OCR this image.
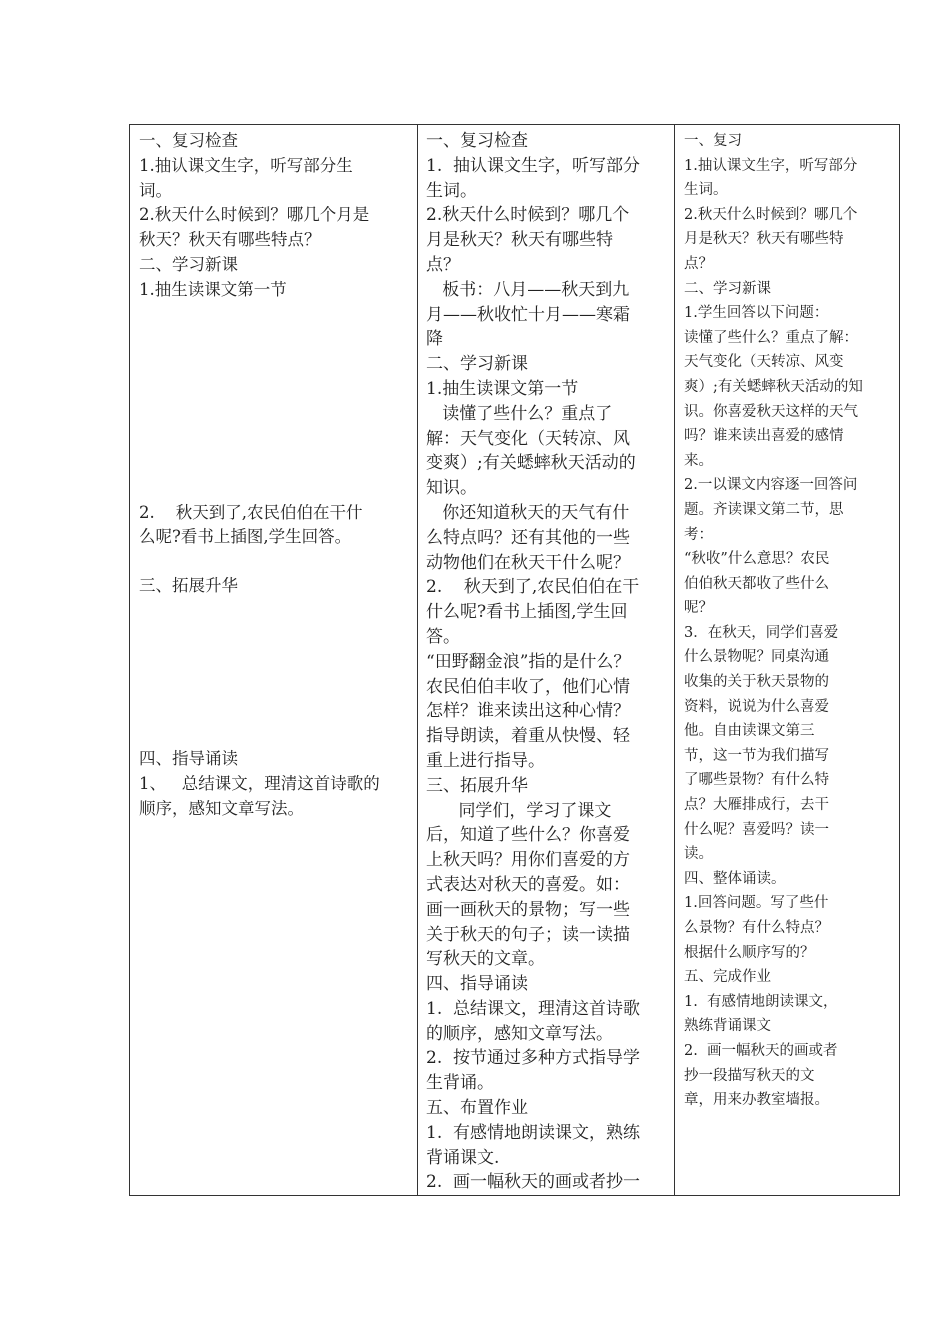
一、复习检查
1.抽认课文生字，听写部分生
词。
2.秋天什么时候到？哪几个月是
秋天？秋天有哪些特点？
二、学习新课
1.抽生读课文第一节
2.    秋天到了,农民伯伯在干什
么呢?看书上插图,学生回答。
三、拓展升华
四、指导诵读
1、   总结课文，理清这首诗歌的
顺序，感知文章写法。
一、复习检查
1.  抽认课文生字，听写部分
生词。
2.秋天什么时候到？哪几个
月是秋天？秋天有哪些特
点？
板书：八月——秋天到九
月——秋收忙十月——寒霜
降
二、学习新课
1.抽生读课文第一节
读懂了些什么？重点了
解：天气变化（天转凉、风
变爽）;有关蟋蟀秋天活动的
知识。
你还知道秋天的天气有什
么特点吗？还有其他的一些
动物他们在秋天干什么呢？
2.    秋天到了,农民伯伯在干
什么呢?看书上插图,学生回
答。
“田野翻金浪”指的是什么？
农民伯伯丰收了，他们心情
怎样？谁来读出这种心情？
指导朗读，着重从快慢、轻
重上进行指导。
三、拓展升华
同学们，学习了课文
后，知道了些什么？你喜爱
上秋天吗？用你们喜爱的方
式表达对秋天的喜爱。如：
画一画秋天的景物；写一些
关于秋天的句子；读一读描
写秋天的文章。
四、指导诵读
1.  总结课文，理清这首诗歌
的顺序，感知文章写法。
2.  按节通过多种方式指导学
生背诵。
五、布置作业
1.  有感情地朗读课文，熟练
背诵课文.
2.  画一幅秋天的画或者抄一
一、复习
1.抽认课文生字，听写部分
生词。
2.秋天什么时候到？哪几个
月是秋天？秋天有哪些特
点？
二、学习新课
1.学生回答以下问题：
读懂了些什么？重点了解：
天气变化（天转凉、风变
爽）;有关蟋蟀秋天活动的知
识。你喜爱秋天这样的天气
吗？谁来读出喜爱的感情
来。
2.一以课文内容逐一回答问
题。齐读课文第二节，思
考：
“秋收”什么意思？农民
伯伯秋天都收了些什么
呢？
3．在秋天，同学们喜爱
什么景物呢？同桌沟通
收集的关于秋天景物的
资料，说说为什么喜爱
他。自由读课文第三
节，这一节为我们描写
了哪些景物？有什么特
点？大雁排成行，去干
什么呢？喜爱吗？读一
读。
四、整体诵读。
1.回答问题。写了些什
么景物？有什么特点？
根据什么顺序写的？
五、完成作业
1.  有感情地朗读课文，
熟练背诵课文
2.  画一幅秋天的画或者
抄一段描写秋天的文
章，用来办教室墙报。
